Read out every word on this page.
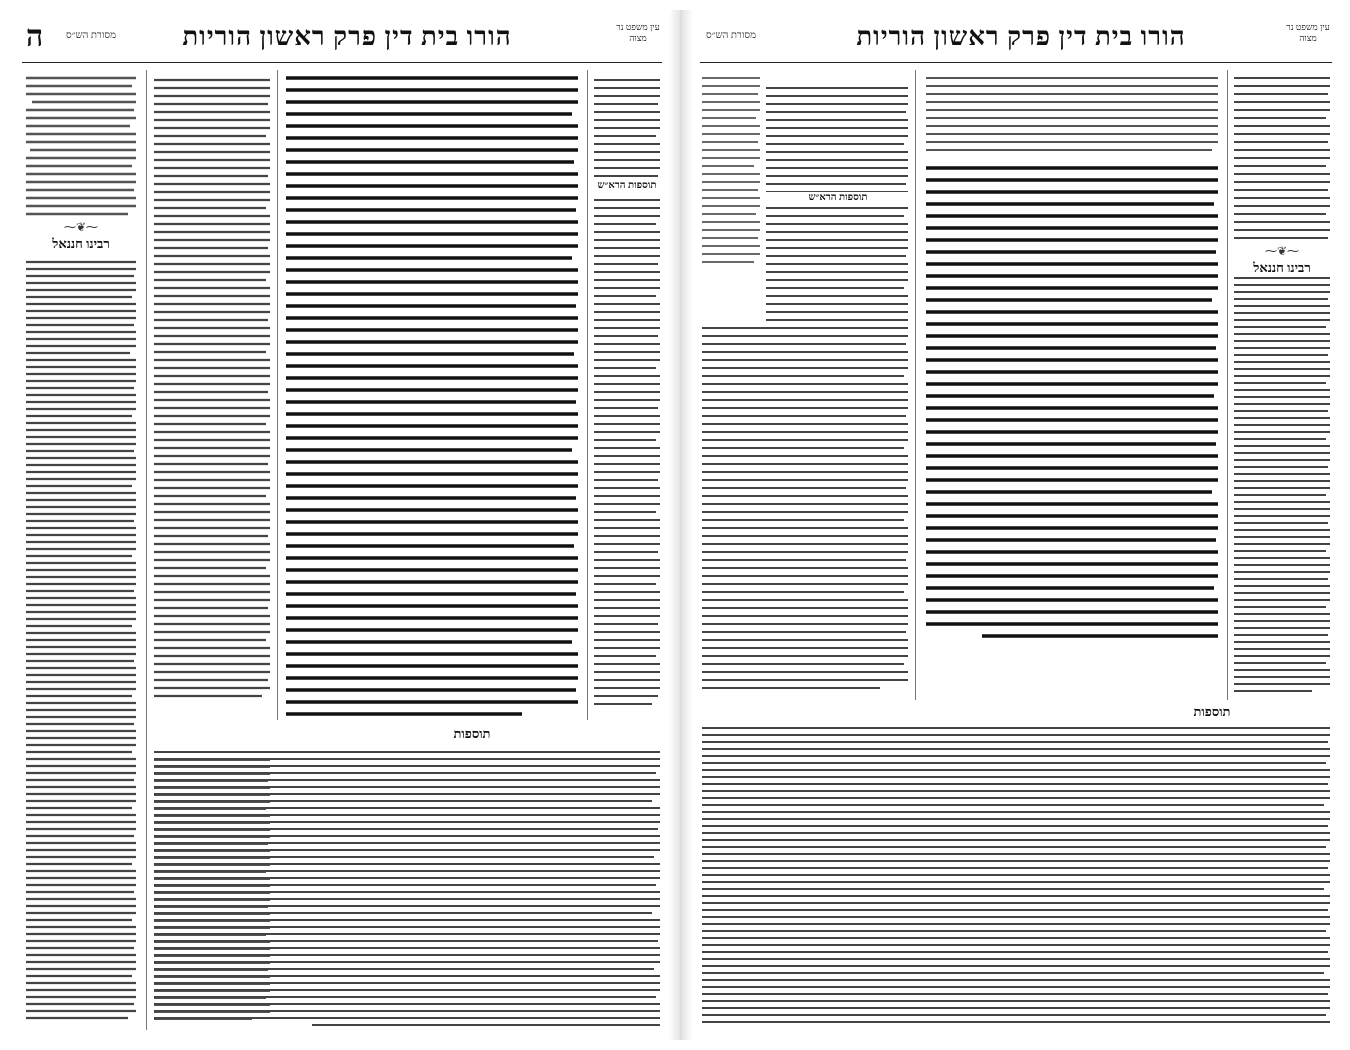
ה	הורו בית דין פרק ראשון הוריות
מסורת הש״ס
עין משפט נר מצוה
⁓❦⁓
רבינו חננאל
תוספות הרא״ש
תוספות
מסורת הש״ס	הורו בית דין פרק ראשון הוריות	עין משפט נר מצוה
תוספות הרא״ש
⁓❦⁓
רבינו חננאל
תוספות
